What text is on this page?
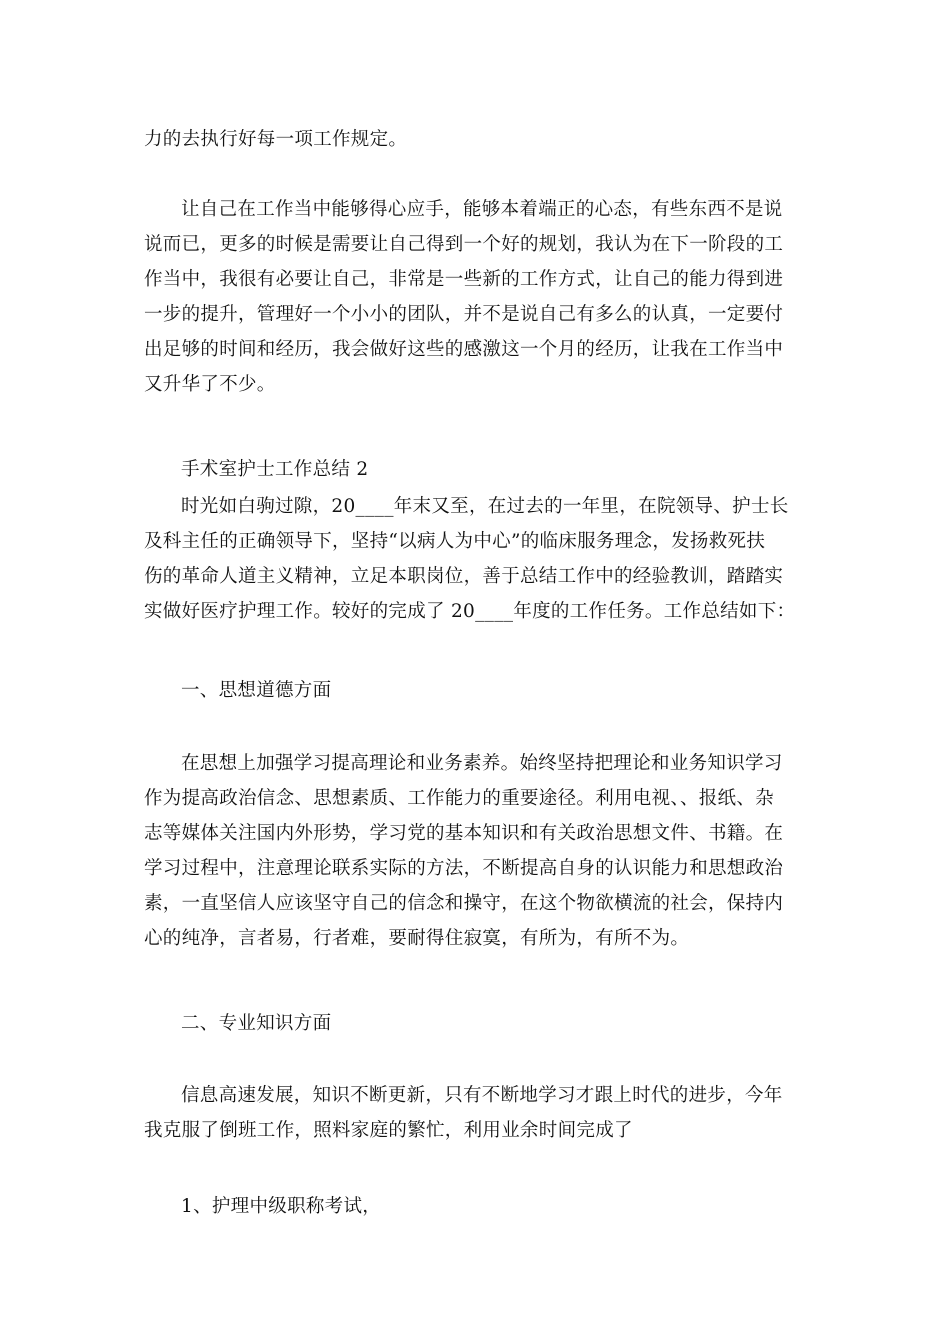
力的去执行好每一项工作规定。

让自己在工作当中能够得心应手，能够本着端正的心态，有些东西不是说
说而已，更多的时候是需要让自己得到一个好的规划，我认为在下一阶段的工
作当中，我很有必要让自己，非常是一些新的工作方式，让自己的能力得到进
一步的提升，管理好一个小小的团队，并不是说自己有多么的认真，一定要付
出足够的时间和经历，我会做好这些的感激这一个月的经历，让我在工作当中
又升华了不少。

手术室护士工作总结 2

时光如白驹过隙，20____年末又至，在过去的一年里，在院领导、护士长
及科主任的正确领导下，坚持“以病人为中心”的临床服务理念，发扬救死扶
伤的革命人道主义精神，立足本职岗位，善于总结工作中的经验教训，踏踏实
实做好医疗护理工作。较好的完成了 20____年度的工作任务。工作总结如下：

一、思想道德方面

在思想上加强学习提高理论和业务素养。始终坚持把理论和业务知识学习
作为提高政治信念、思想素质、工作能力的重要途径。利用电视、、报纸、杂
志等媒体关注国内外形势，学习党的基本知识和有关政治思想文件、书籍。在
学习过程中，注意理论联系实际的方法，不断提高自身的认识能力和思想政治
素，一直坚信人应该坚守自己的信念和操守，在这个物欲横流的社会，保持内
心的纯净，言者易，行者难，要耐得住寂寞，有所为，有所不为。

二、专业知识方面

信息高速发展，知识不断更新，只有不断地学习才跟上时代的进步，今年
我克服了倒班工作，照料家庭的繁忙，利用业余时间完成了

1、护理中级职称考试，
